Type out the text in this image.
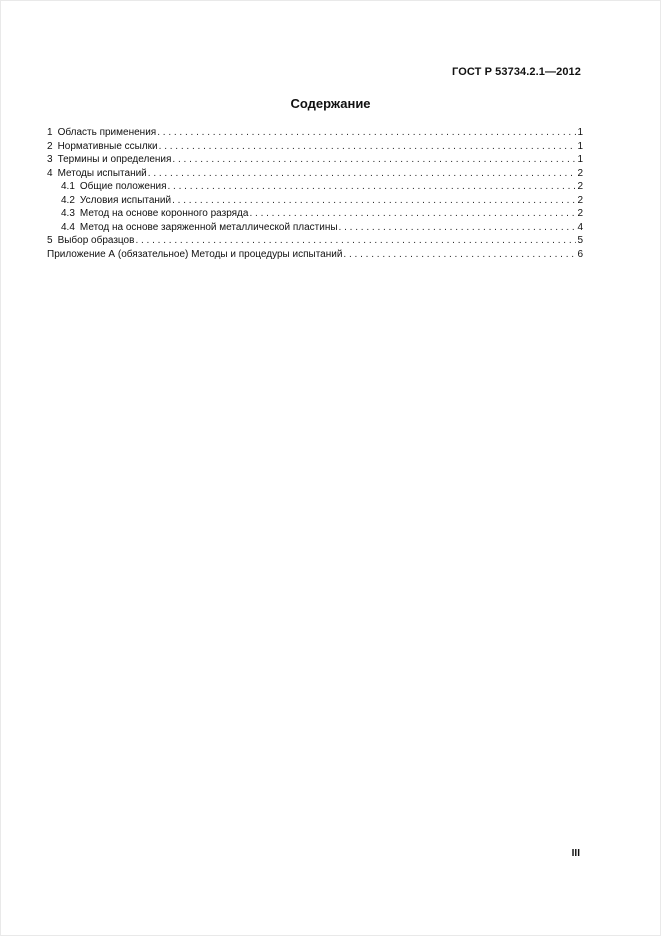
ГОСТ Р 53734.2.1—2012
Содержание
1 Область применения . . .	1
2 Нормативные ссылки . . .	1
3 Термины и определения . . .	1
4 Методы испытаний . . .	2
4.1 Общие положения . . .	2
4.2 Условия испытаний . . .	2
4.3 Метод на основе коронного разряда . . .	2
4.4 Метод на основе заряженной металлической пластины . . .	4
5 Выбор образцов . . .	5
Приложение А (обязательное) Методы и процедуры испытаний . . .	6
III
